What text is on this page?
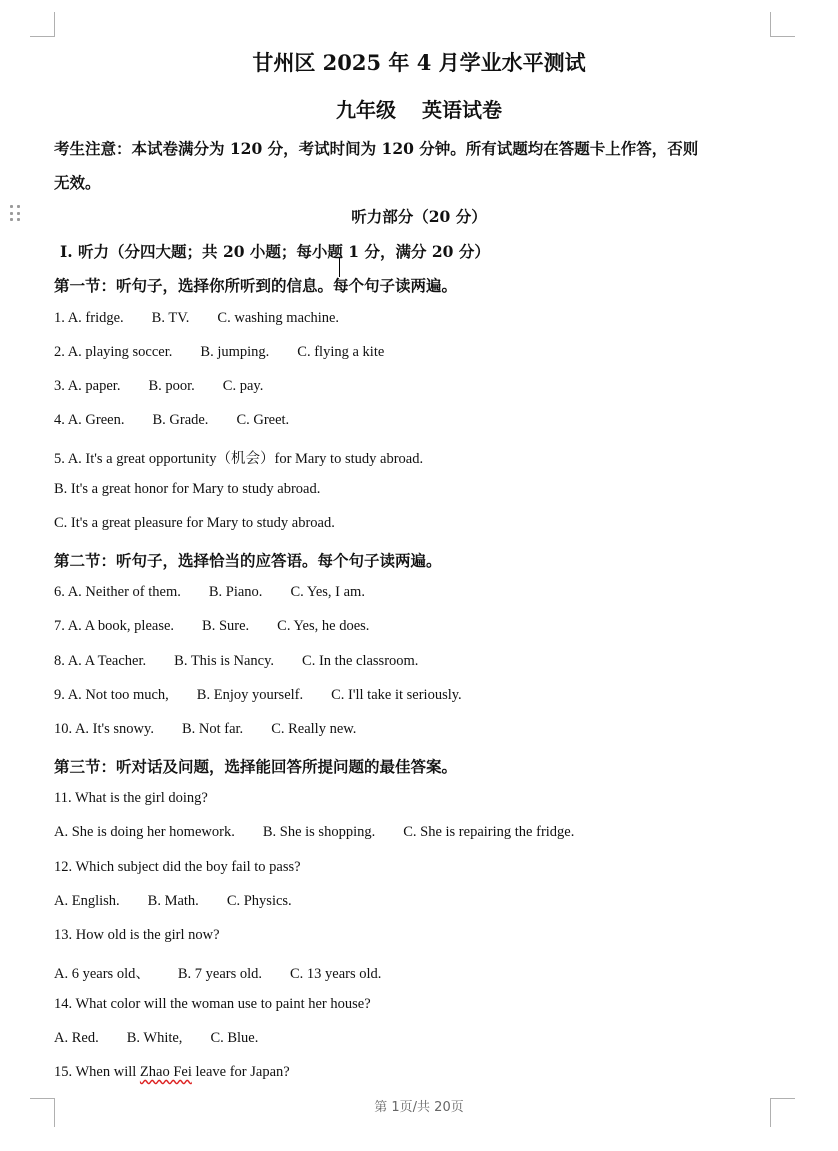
甘州区 2025 年 4 月学业水平测试
九年级 英语试卷
考生注意：本试卷满分为 120 分，考试时间为 120 分钟。所有试题均在答题卡上作答，否则
无效。
听力部分（20 分）
Ⅰ. 听力（分四大题；共 20 小题；每小题 1 分，满分 20 分）
第一节：听句子，选择你所听到的信息。每个句子读两遍。
1. A. fridge. B. TV. C. washing machine.
2. A. playing soccer. B. jumping. C. flying a kite
3. A. paper. B. poor. C. pay.
4. A. Green. B. Grade. C. Greet.
5. A. It's a great opportunity（机会）for Mary to study abroad.
B. It's a great honor for Mary to study abroad.
C. It's a great pleasure for Mary to study abroad.
第二节：听句子，选择恰当的应答语。每个句子读两遍。
6. A. Neither of them. B. Piano. C. Yes, I am.
7. A. A book, please. B. Sure. C. Yes, he does.
8. A. A Teacher. B. This is Nancy. C. In the classroom.
9. A. Not too much, B. Enjoy yourself. C. I'll take it seriously.
10. A. It's snowy. B. Not far. C. Really new.
第三节：听对话及问题，选择能回答所提问题的最佳答案。
11. What is the girl doing?
A. She is doing her homework. B. She is shopping. C. She is repairing the fridge.
12. Which subject did the boy fail to pass?
A. English. B. Math. C. Physics.
13. How old is the girl now?
A. 6 years old、 B. 7 years old. C. 13 years old.
14. What color will the woman use to paint her house?
A. Red. B. White, C. Blue.
15. When will Zhao Fei leave for Japan?
第 1页/共 20页
